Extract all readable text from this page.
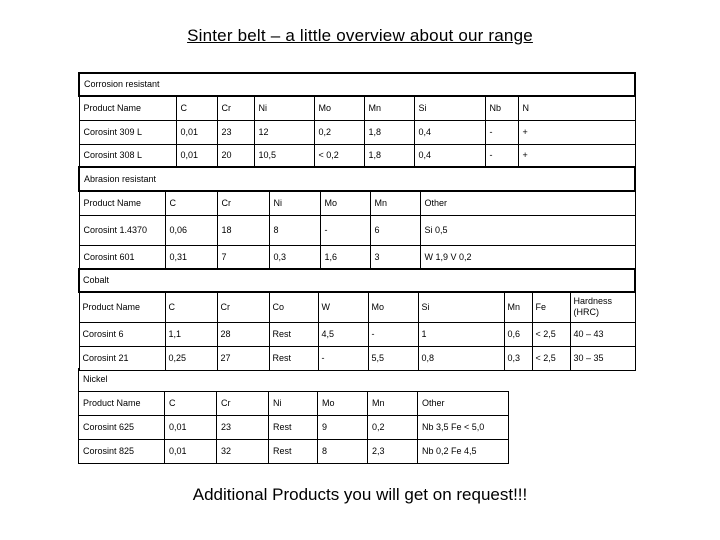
Sinter belt – a little overview about our range
Corrosion resistant								
Product Name	C	Cr	Ni	Mo	Mn	Si	Nb	N
Corosint 309 L	0,01	23	12	0,2	1,8	0,4	-	+
Corosint 308 L	0,01	20	10,5	< 0,2	1,8	0,4	-	+
Abrasion resistant						
Product Name	C	Cr	Ni	Mo	Mn	Other
Corosint 1.4370	0,06	18	8	-	6	Si 0,5
Corosint 601	0,31	7	0,3	1,6	3	W 1,9 V 0,2
Cobalt									
Product Name	C	Cr	Co	W	Mo	Si	Mn	Fe	Hardness (HRC)
Corosint 6	1,1	28	Rest	4,5	-	1	0,6	< 2,5	40 – 43
Corosint 21	0,25	27	Rest	-	5,5	0,8	0,3	< 2,5	30 – 35
Nickel						
Product Name	C	Cr	Ni	Mo	Mn	Other
Corosint 625	0,01	23	Rest	9	0,2	Nb 3,5 Fe < 5,0
Corosint 825	0,01	32	Rest	8	2,3	Nb 0,2 Fe 4,5
Additional Products you will get on request!!!
